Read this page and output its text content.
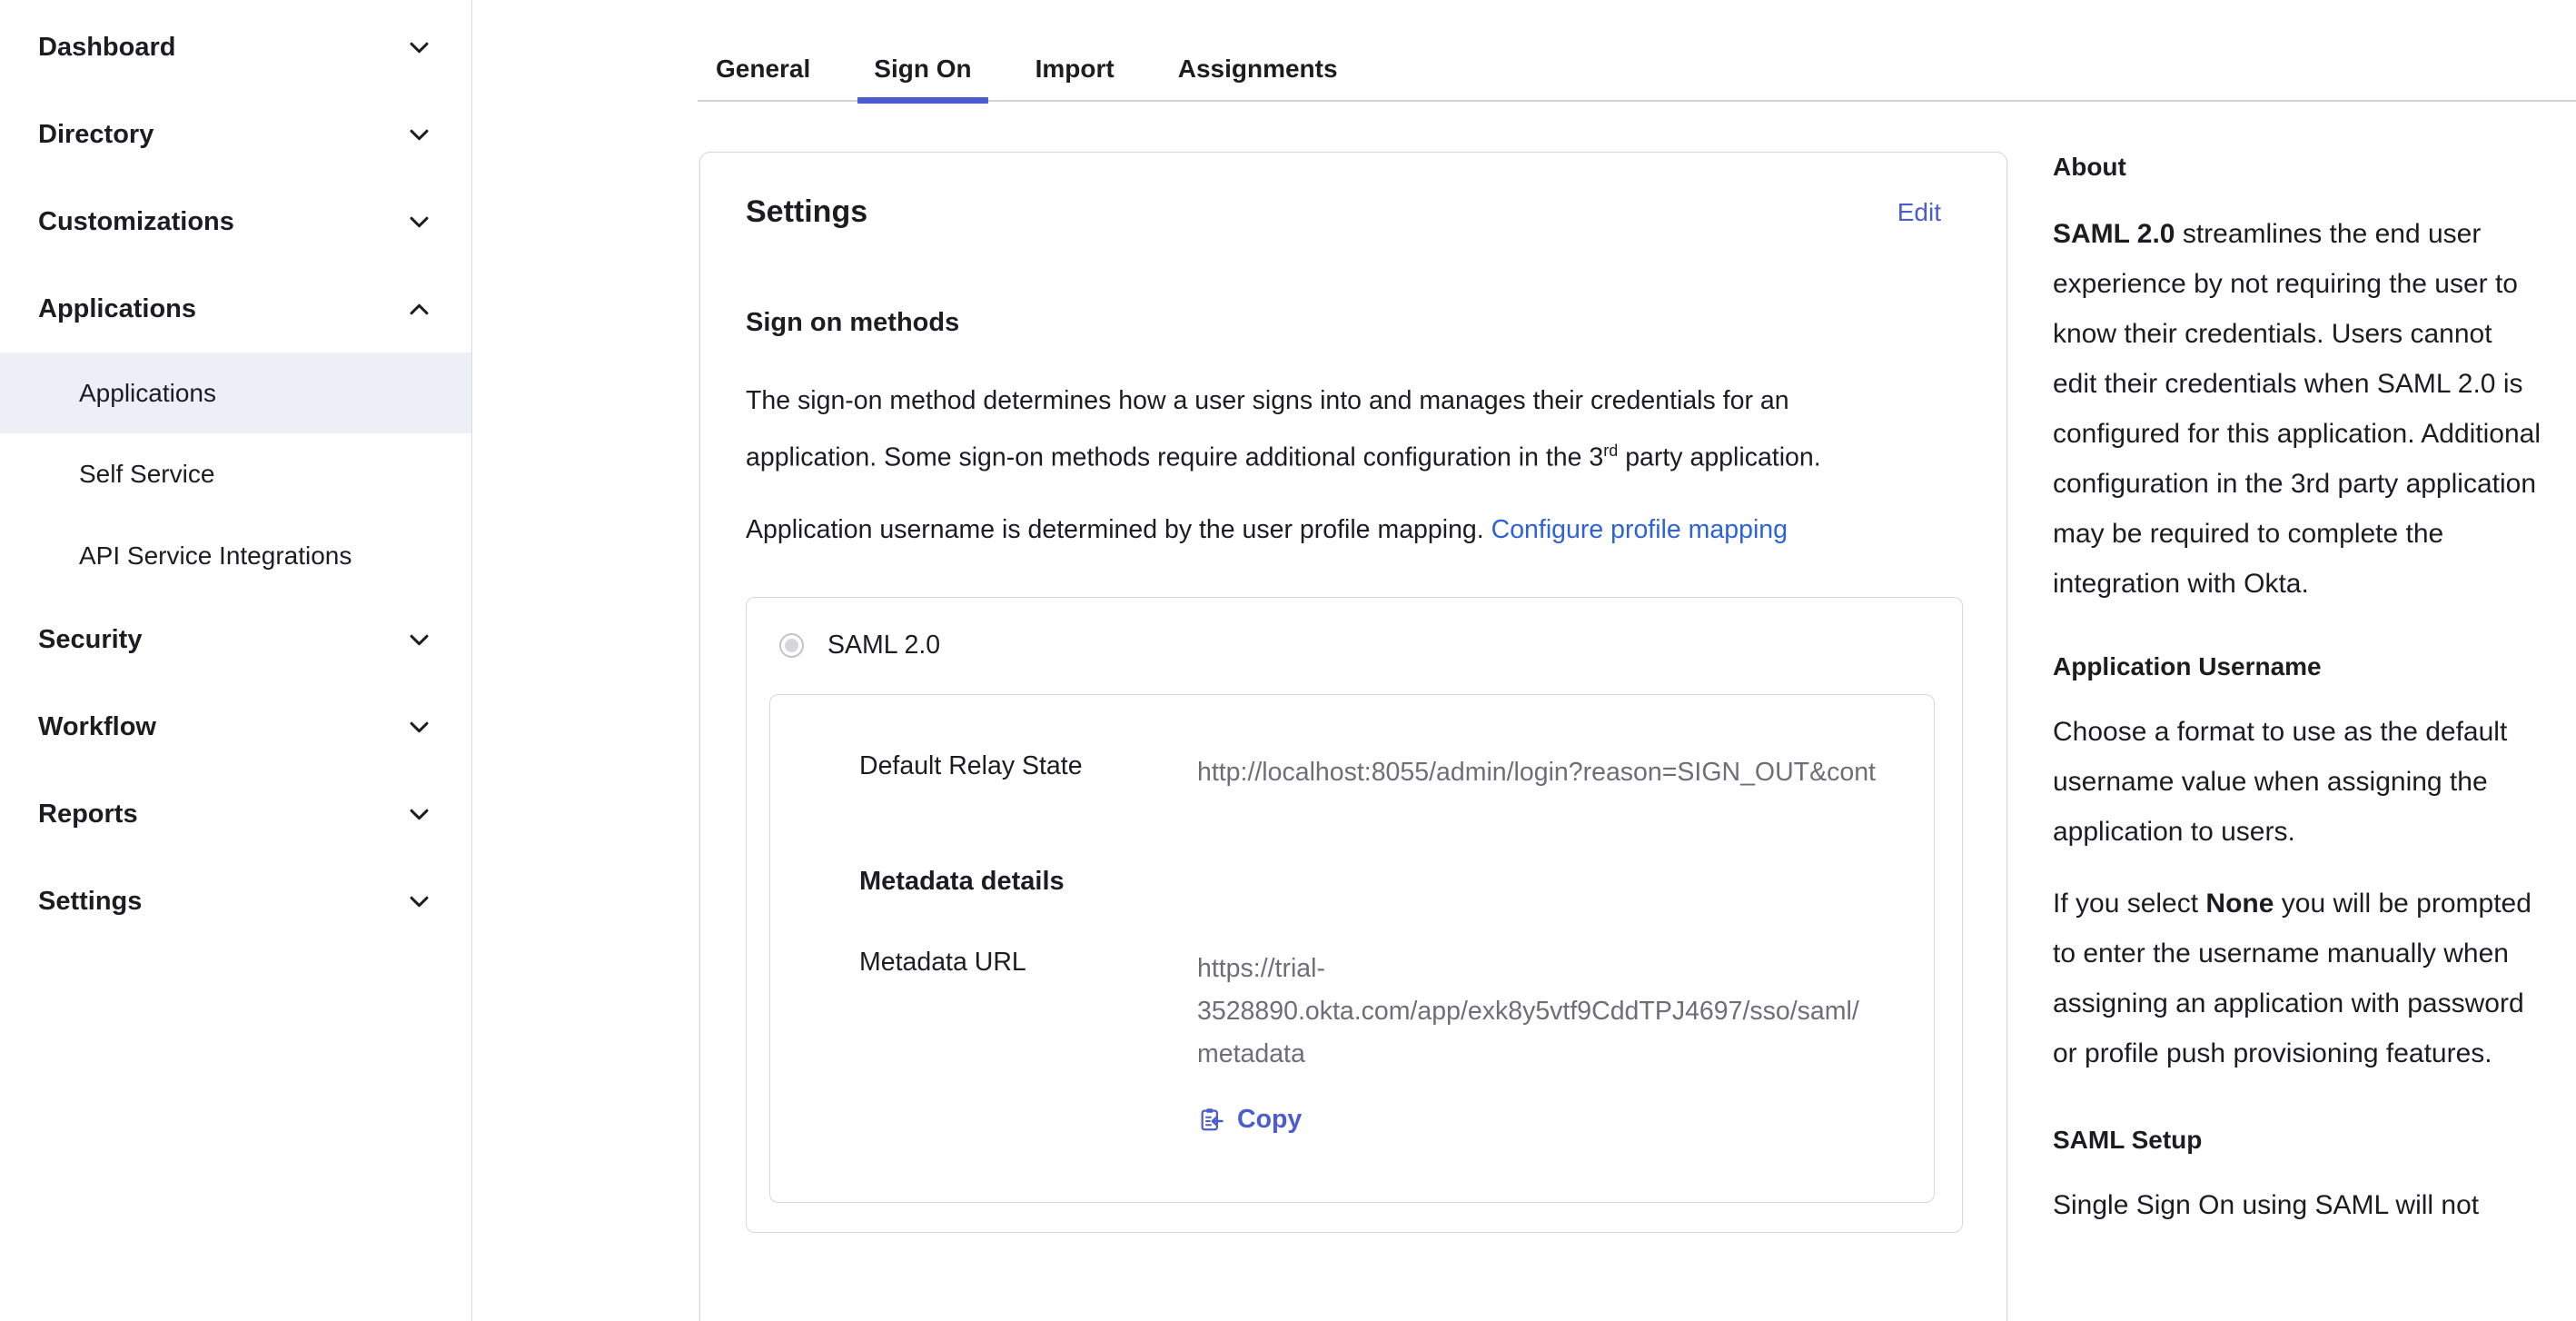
Dashboard
Directory
Customizations
Applications
Applications
Self Service
API Service Integrations
Security
Workflow
Reports
Settings
General	Sign On	Import	Assignments
Settings	Edit
Sign on methods
The sign-on method determines how a user signs into and manages their credentials for an application. Some sign-on methods require additional configuration in the 3rd party application.
Application username is determined by the user profile mapping. Configure profile mapping
SAML 2.0
Default Relay State	http://localhost:8055/admin/login?reason=SIGN_OUT&cont
Metadata details
Metadata URL	https://trial-3528890.okta.com/app/exk8y5vtf9CddTPJ4697/sso/saml/metadata
Copy
About
SAML 2.0 streamlines the end user experience by not requiring the user to know their credentials. Users cannot edit their credentials when SAML 2.0 is configured for this application. Additional configuration in the 3rd party application may be required to complete the integration with Okta.
Application Username
Choose a format to use as the default username value when assigning the application to users.
If you select None you will be prompted to enter the username manually when assigning an application with password or profile push provisioning features.
SAML Setup
Single Sign On using SAML will not
